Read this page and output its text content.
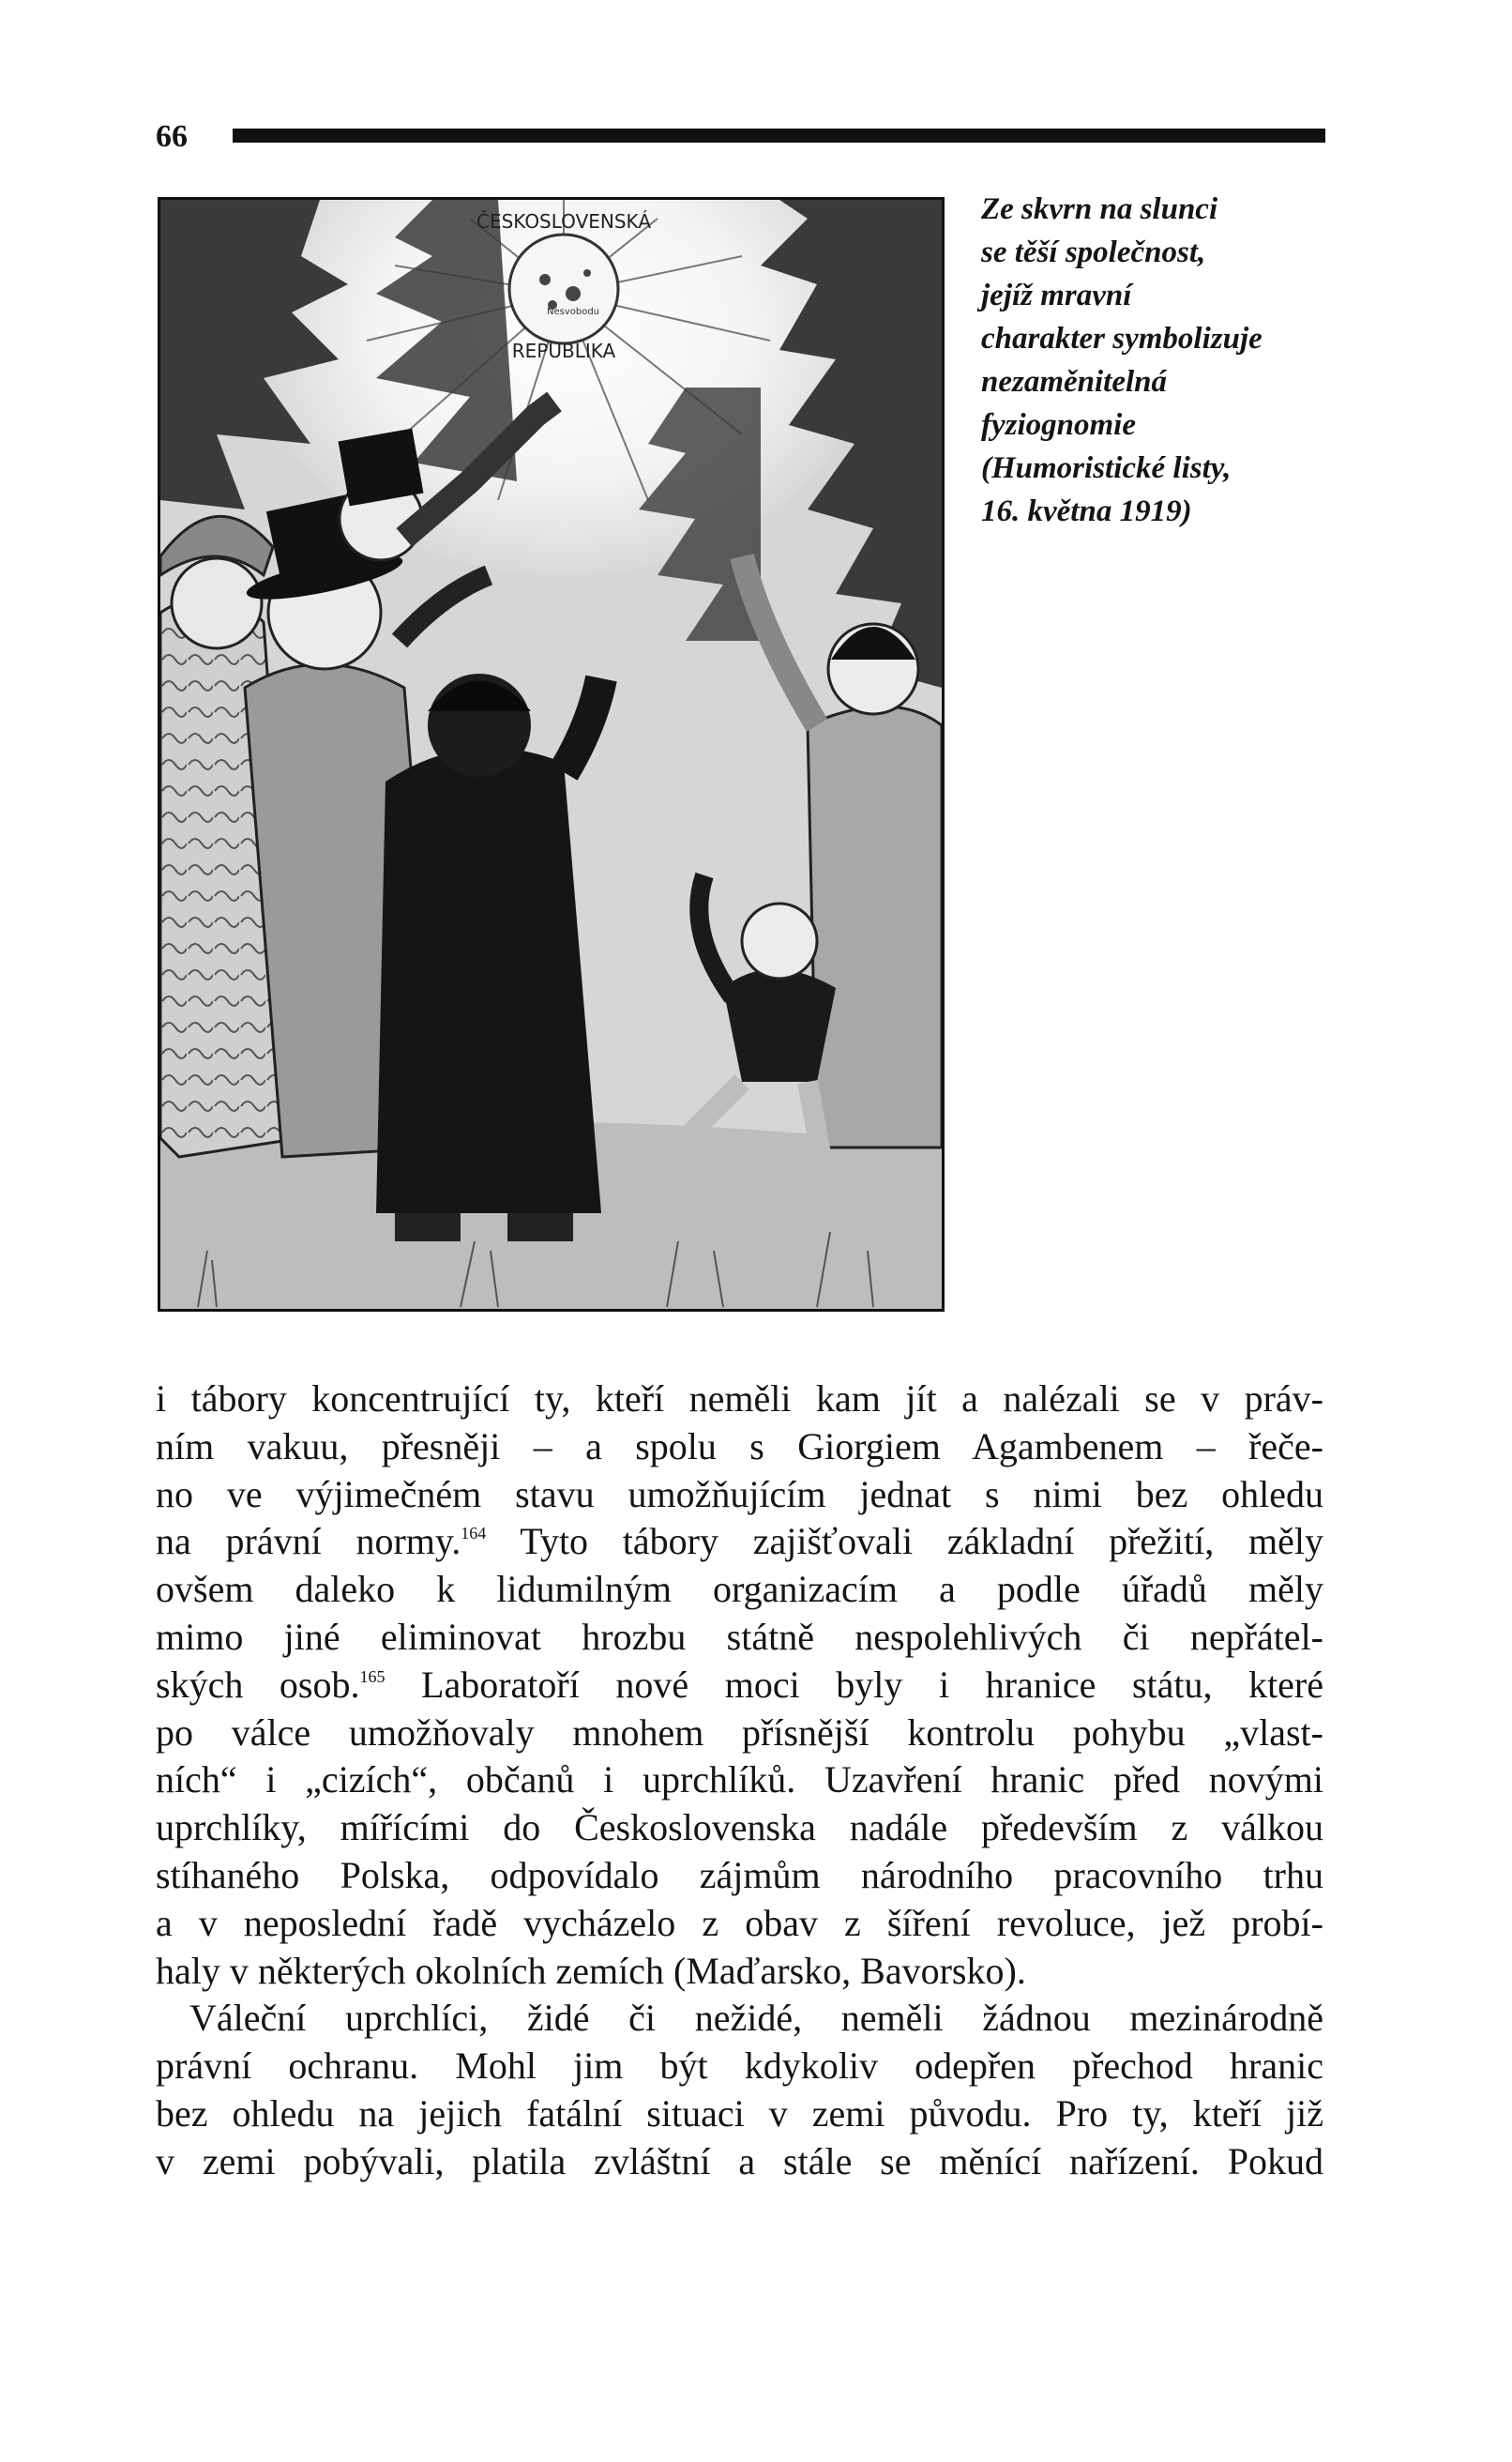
66
ČESKOSLOVENSKÁ
REPUBLIKA
Nesvobodu
Ze skvrn na slunci
se těší společnost,
jejíž mravní
charakter symbolizuje
nezaměnitelná
fyziognomie
(Humoristické listy,
16. května 1919)
i tábory koncentrující ty, kteří neměli kam jít a nalézali se v práv-
ním vakuu, přesněji – a spolu s Giorgiem Agambenem – řeče-
no ve výjimečném stavu umožňujícím jednat s nimi bez ohledu
na právní normy.$^{164}$ Tyto tábory zajišťovali základní přežití, měly
ovšem daleko k lidumilným organizacím a podle úřadů měly
mimo jiné eliminovat hrozbu státně nespolehlivých či nepřátel-
ských osob.$^{165}$ Laboratoří nové moci byly i hranice státu, které
po válce umožňovaly mnohem přísnější kontrolu pohybu „vlast-
ních“ i „cizích“, občanů i uprchlíků. Uzavření hranic před novými
uprchlíky, mířícími do Československa nadále především z válkou
stíhaného Polska, odpovídalo zájmům národního pracovního trhu
a v neposlední řadě vycházelo z obav z šíření revoluce, jež probí-
haly v některých okolních zemích (Maďarsko, Bavorsko).
Váleční uprchlíci, židé či nežidé, neměli žádnou mezinárodně
právní ochranu. Mohl jim být kdykoliv odepřen přechod hranic
bez ohledu na jejich fatální situaci v zemi původu. Pro ty, kteří již
v zemi pobývali, platila zvláštní a stále se měnící nařízení. Pokud
